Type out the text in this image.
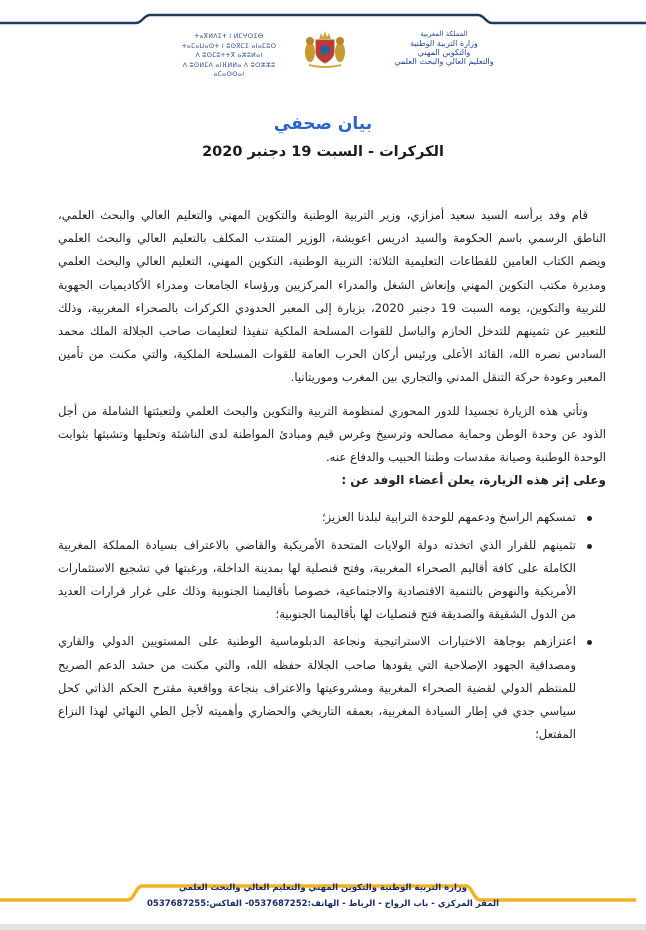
ⵜⴰⴳⵍⴷⵉⵜ ⵏ ⵍⵎⵖⵔⵉⴱ
ⵜⴰⵎⴰⵡⴰⵙⵜ ⵏ ⵓⵙⴳⵎⵉ ⴰⵏⴰⵎⵓⵔ
ⴷ ⵓⵙⵎⵓⵜⵜⴳ ⴰⵣⵓⵍⴰⵏ
ⴷ ⵓⵙⵍⵎⴷ ⴰⵏⴼⵍⵍⴰ ⴷ ⵓⵔⵣⵣⵓ ⴰⵎⴰⵙⵙⴰⵏ
المملكة المغربية
وزارة التربية الوطنية
والتكوين المهني
والتعليم العالي والبحث العلمي
بيان صحفي
الكركرات - السبت 19 دجنبر 2020

قام وفد يرأسه السيد سعيد أمزازي، وزير التربية الوطنية والتكوين المهني والتعليم العالي والبحث العلمي، الناطق الرسمي باسم الحكومة والسيد ادريس اعويشة، الوزير المنتدب المكلف بالتعليم العالي والبحث العلمي ويضم الكتاب العامين للقطاعات التعليمية الثلاثة: التربية الوطنية، التكوين المهني، التعليم العالي والبحث العلمي ومديرة مكتب التكوين المهني وإنعاش الشغل والمدراء المركزيين ورؤساء الجامعات ومدراء الأكاديميات الجهوية للتربية والتكوين، يومه السبت 19 دجنبر 2020، بزيارة إلى المعبر الحدودي الكركرات بالصحراء المغربية، وذلك للتعبير عن تثمينهم للتدخل الحازم والباسل للقوات المسلحة الملكية تنفيذا لتعليمات صاحب الجلالة الملك محمد السادس نصره الله، القائد الأعلى ورئيس أركان الحرب العامة للقوات المسلحة الملكية، والتي مكنت من تأمين المعبر وعودة حركة التنقل المدني والتجاري بين المغرب وموريتانيا.

وتأتي هذه الزيارة تجسيدا للدور المحوري لمنظومة التربية والتكوين والبحث العلمي ولتعبئتها الشاملة من أجل الذود عن وحدة الوطن وحماية مصالحه وترسيخ وغرس قيم ومبادئ المواطنة لدى الناشئة وتحليها وتشبثها بثوابت الوحدة الوطنية وصيانة مقدسات وطننا الحبيب والدفاع عنه.

وعلى إثر هذه الزيارة، يعلن أعضاء الوفد عن :

تمسكهم الراسخ ودعمهم للوحدة الترابية لبلدنا العزيز؛
تثمينهم للقرار الذي اتخذته دولة الولايات المتحدة الأمريكية والقاضي بالاعتراف بسيادة المملكة المغربية الكاملة على كافة أقاليم الصحراء المغربية، وفتح قنصلية لها بمدينة الداخلة، ورغبتها في تشجيع الاستثمارات الأمريكية والنهوض بالتنمية الاقتصادية والاجتماعية، خصوصا بأقاليمنا الجنوبية وذلك على غرار قرارات العديد من الدول الشقيقة والصديقة فتح قنصليات لها بأقاليمنا الجنوبية؛
اعتزازهم بوجاهة الاختيارات الاستراتيجية ونجاعة الدبلوماسية الوطنية على المستويين الدولي والقاري ومصداقية الجهود الإصلاحية التي يقودها صاحب الجلالة حفظه الله، والتي مكنت من حشد الدعم الصريح للمنتظم الدولي لقضية الصحراء المغربية ومشروعيتها والاعتراف بنجاعة وواقعية مقترح الحكم الذاتي كحل سياسي جدي في إطار السيادة المغربية، بعمقه التاريخي والحضاري وأهميته لأجل الطي النهائي لهذا النزاع المفتعل؛
وزارة التربية الوطنية والتكوين المهني والتعليم العالي والبحث العلمي
المقر المركزي - باب الرواح - الرباط - الهاتف:0537687252- الفاكس:0537687255
